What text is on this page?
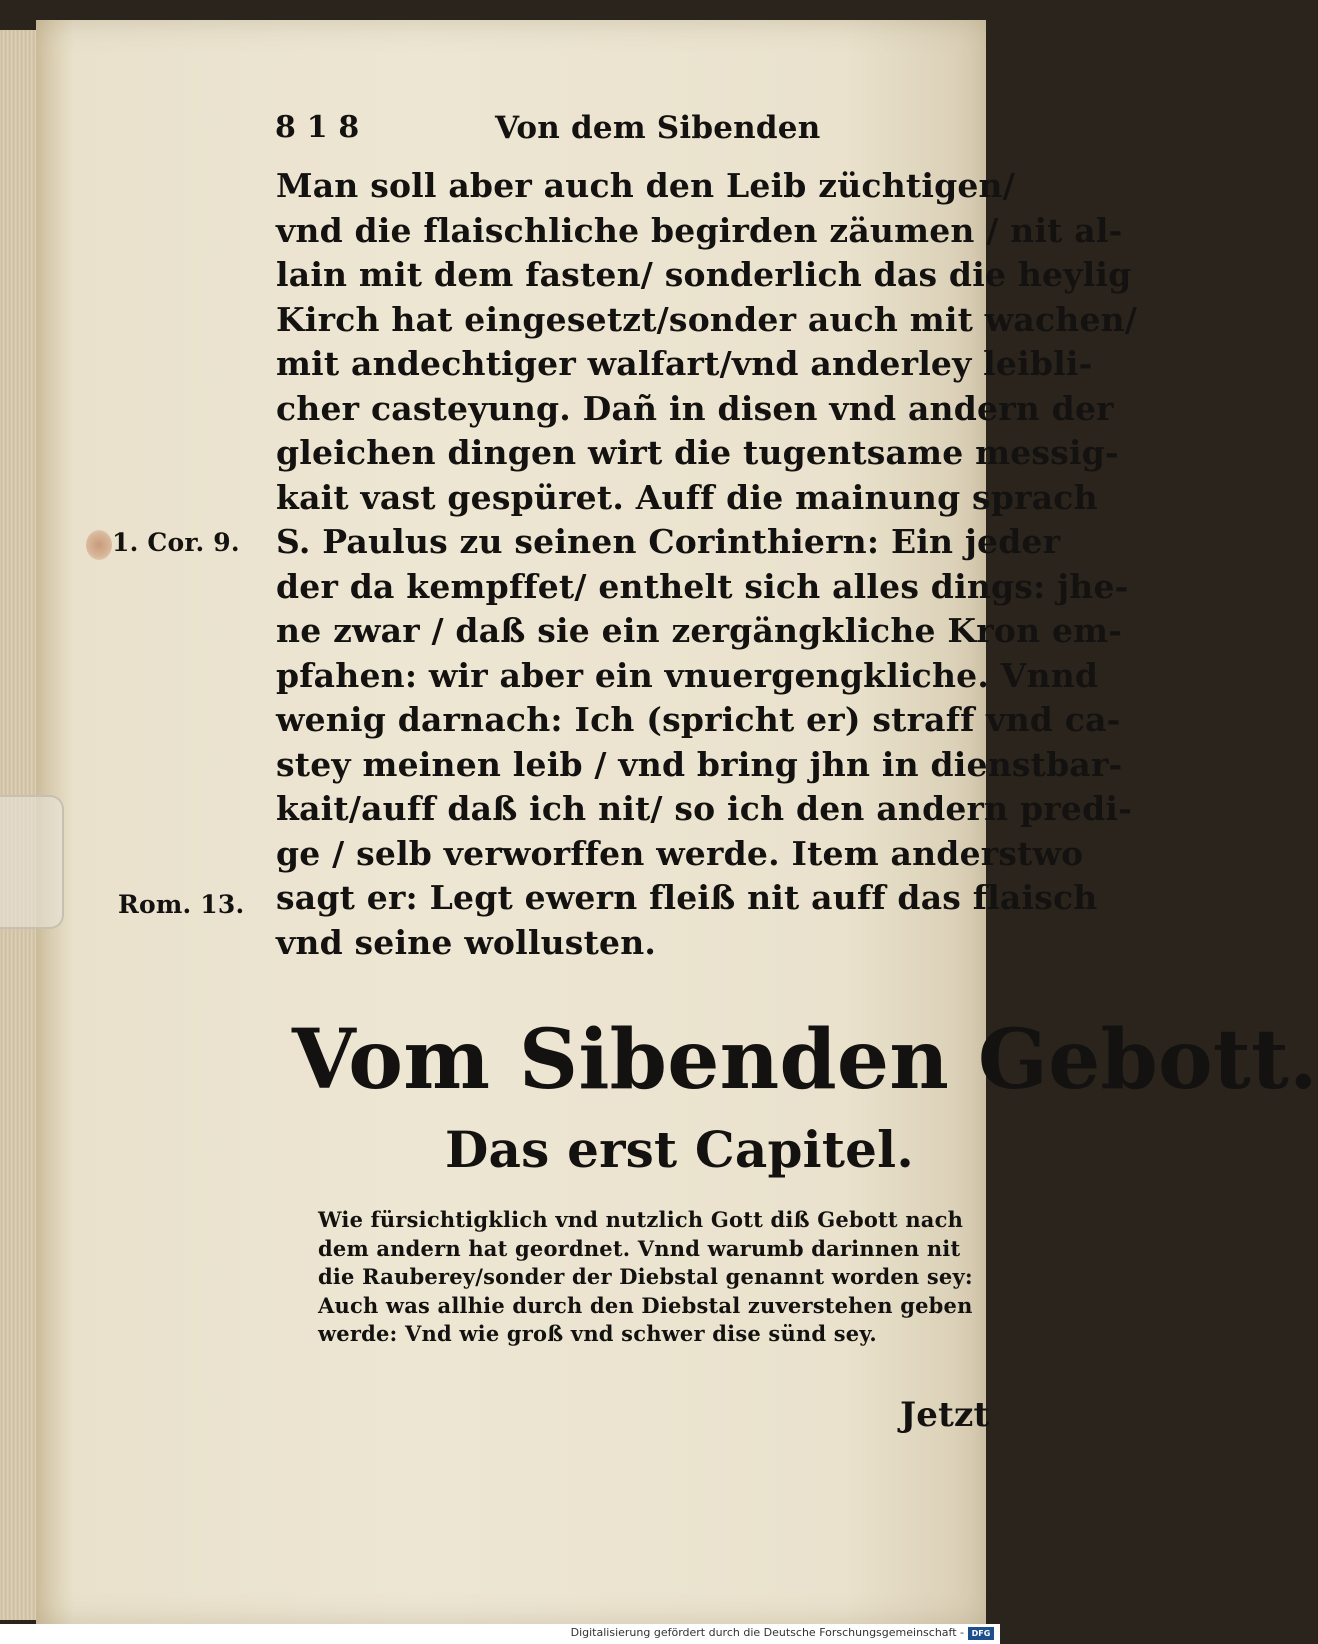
8 1 8	Von dem Sibenden
Man soll aber auch den Leib züchtigen/
vnd die flaischliche begirden zäumen / nit al-
lain mit dem fasten/ sonderlich das die heylig
Kirch hat eingesetzt/sonder auch mit wachen/
mit andechtiger walfart/vnd anderley leibli-
cher casteyung. Dañ in disen vnd andern der
gleichen dingen wirt die tugentsame messig-
kait vast gespüret. Auff die mainung sprach
S. Paulus zu seinen Corinthiern: Ein jeder
der da kempffet/ enthelt sich alles dings: jhe-
ne zwar / daß sie ein zergängkliche Kron em-
pfahen: wir aber ein vnuergengkliche. Vnnd
wenig darnach: Ich (spricht er) straff vnd ca-
stey meinen leib / vnd bring jhn in dienstbar-
kait/auff daß ich nit/ so ich den andern predi-
ge / selb verworffen werde. Item anderstwo
sagt er: Legt ewern fleiß nit auff das flaisch
vnd seine wollusten.
1. Cor. 9.
Rom. 13.
Vom Sibenden Gebott.
Das erst Capitel.
Wie fürsichtigklich vnd nutzlich Gott diß Gebott nach
dem andern hat geordnet. Vnnd warumb darinnen nit
die Rauberey/sonder der Diebstal genannt worden sey:
Auch was allhie durch den Diebstal zuverstehen geben
werde: Vnd wie groß vnd schwer dise sünd sey.
Jetzt
Digitalisierung gefördert durch die Deutsche Forschungsgemeinschaft - DFG
